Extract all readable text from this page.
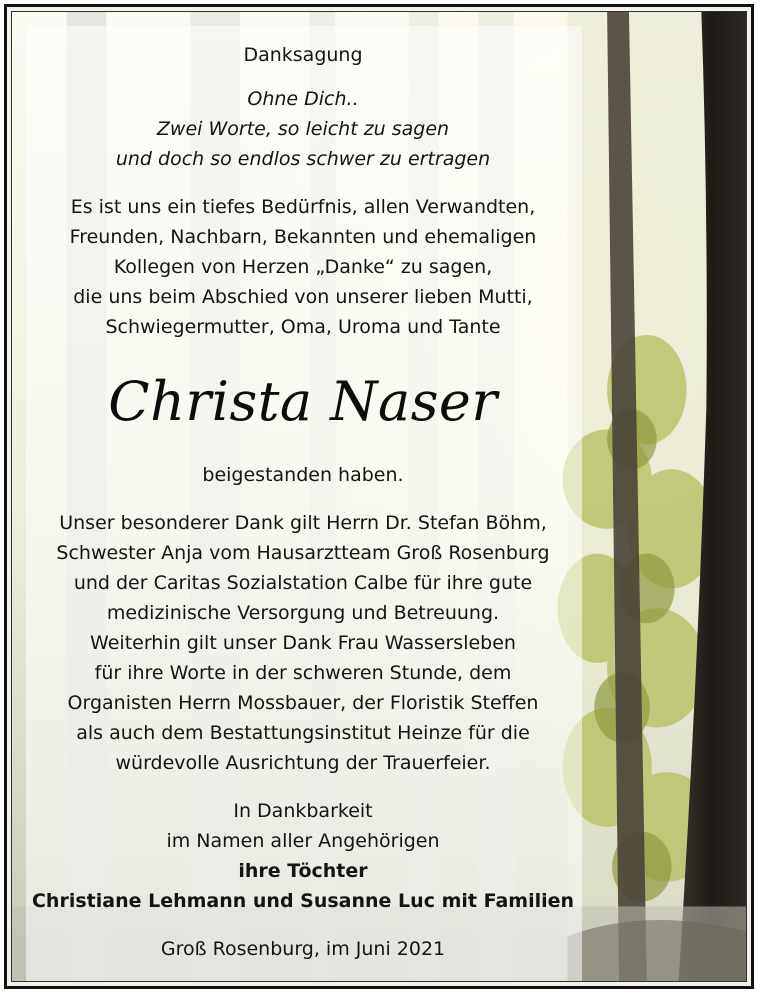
Danksagung
Ohne Dich..
Zwei Worte, so leicht zu sagen
und doch so endlos schwer zu ertragen
Es ist uns ein tiefes Bedürfnis, allen Verwandten,
Freunden, Nachbarn, Bekannten und ehemaligen
Kollegen von Herzen „Danke“ zu sagen,
die uns beim Abschied von unserer lieben Mutti,
Schwiegermutter, Oma, Uroma und Tante
Christa Naser
beigestanden haben.
Unser besonderer Dank gilt Herrn Dr. Stefan Böhm,
Schwester Anja vom Hausarztteam Groß Rosenburg
und der Caritas Sozialstation Calbe für ihre gute
medizinische Versorgung und Betreuung.
Weiterhin gilt unser Dank Frau Wassersleben
für ihre Worte in der schweren Stunde, dem
Organisten Herrn Mossbauer, der Floristik Steffen
als auch dem Bestattungsinstitut Heinze für die
würdevolle Ausrichtung der Trauerfeier.
In Dankbarkeit
im Namen aller Angehörigen
ihre Töchter
Christiane Lehmann und Susanne Luc mit Familien
Groß Rosenburg, im Juni 2021
